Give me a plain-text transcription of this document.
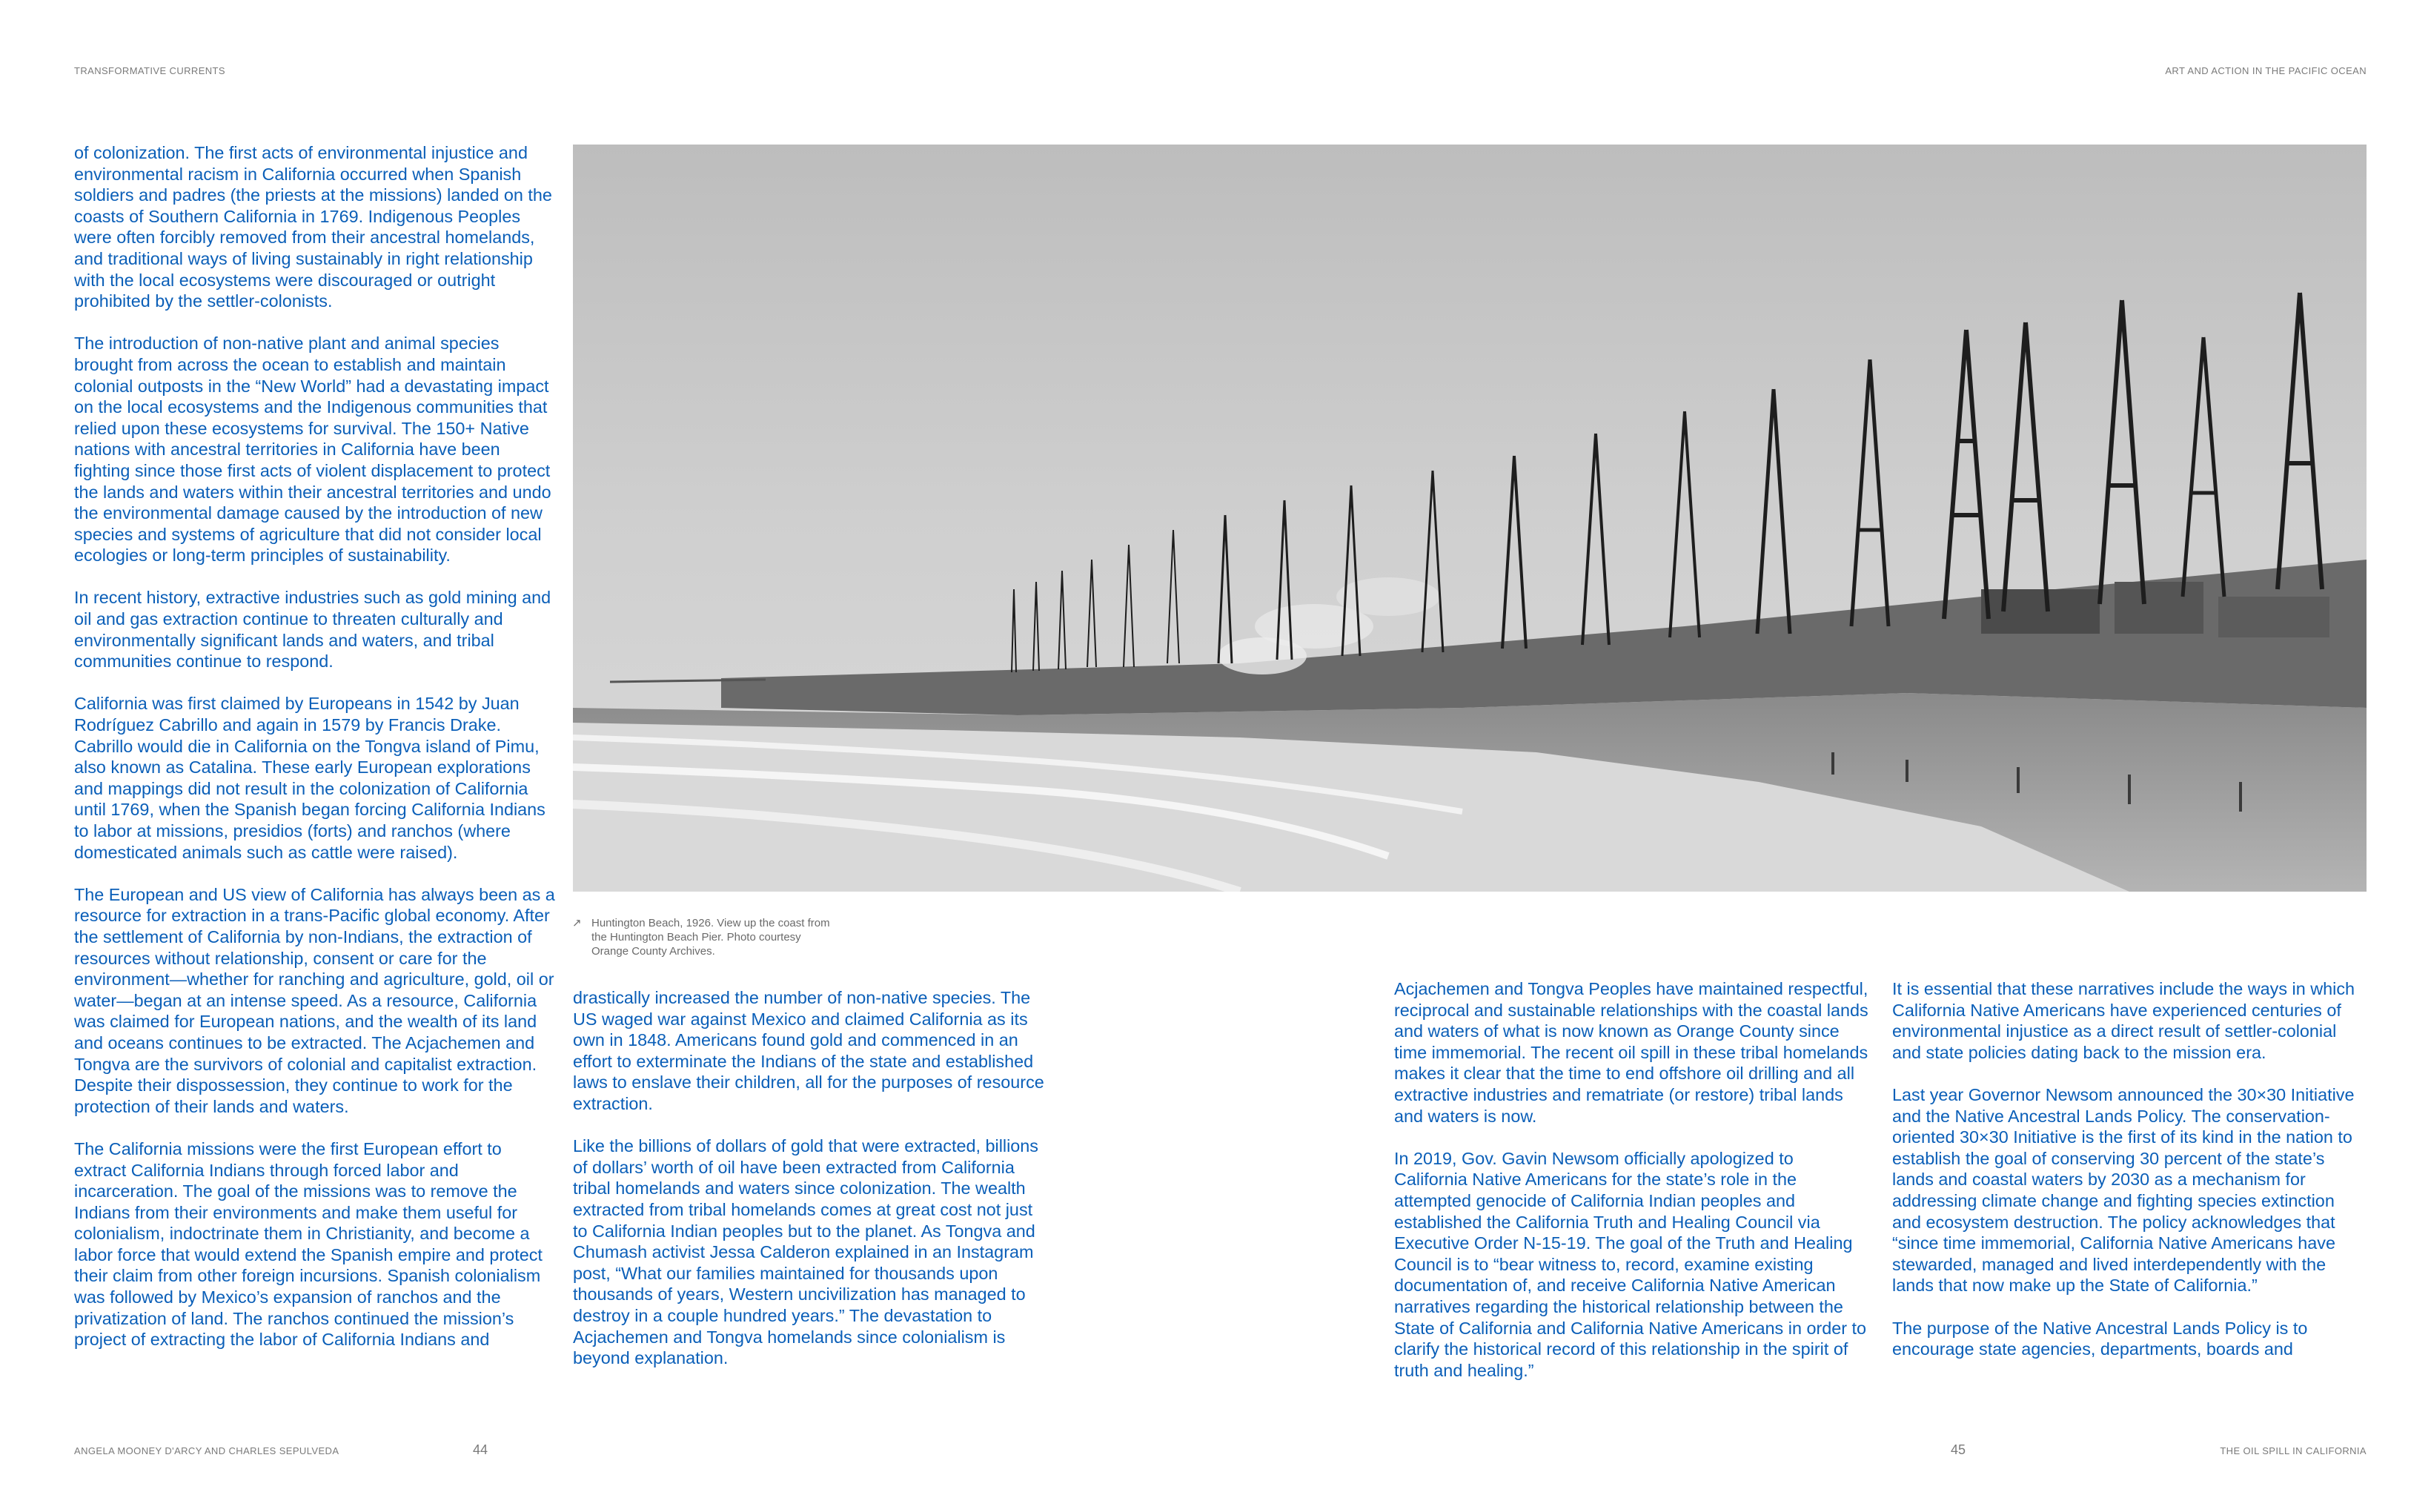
TRANSFORMATIVE CURRENTS	ART AND ACTION IN THE PACIFIC OCEAN

of colonization. The first acts of environmental injustice and environmental racism in California occurred when Spanish soldiers and padres (the priests at the missions) landed on the coasts of Southern California in 1769. Indigenous Peoples were often forcibly removed from their ancestral homelands, and traditional ways of living sustainably in right relationship with the local ecosystems were discouraged or outright prohibited by the settler-colonists.

The introduction of non-native plant and animal species brought from across the ocean to establish and maintain colonial outposts in the “New World” had a devastating impact on the local ecosystems and the Indigenous communities that relied upon these ecosystems for survival. The 150+ Native nations with ancestral territories in California have been fighting since those first acts of violent displacement to protect the lands and waters within their ancestral territories and undo the environmental damage caused by the introduction of new species and systems of agriculture that did not consider local ecologies or long-term principles of sustainability.

In recent history, extractive industries such as gold mining and oil and gas extraction continue to threaten culturally and environmentally significant lands and waters, and tribal communities continue to respond.

California was first claimed by Europeans in 1542 by Juan Rodríguez Cabrillo and again in 1579 by Francis Drake. Cabrillo would die in California on the Tongva island of Pimu, also known as Catalina. These early European explorations and mappings did not result in the colonization of California until 1769, when the Spanish began forcing California Indians to labor at missions, presidios (forts) and ranchos (where domesticated animals such as cattle were raised).

The European and US view of California has always been as a resource for extraction in a trans-Pacific global economy. After the settlement of California by non-Indians, the extraction of resources without relationship, consent or care for the environment—whether for ranching and agriculture, gold, oil or water—began at an intense speed. As a resource, California was claimed for European nations, and the wealth of its land and oceans continues to be extracted. The Acjachemen and Tongva are the survivors of colonial and capitalist extraction. Despite their dispossession, they continue to work for the protection of their lands and waters.

The California missions were the first European effort to extract California Indians through forced labor and incarceration. The goal of the missions was to remove the Indians from their environments and make them useful for colonialism, indoctrinate them in Christianity, and become a labor force that would extend the Spanish empire and protect their claim from other foreign incursions. Spanish colonialism was followed by Mexico’s expansion of ranchos and the privatization of land. The ranchos continued the mission’s project of extracting the labor of California Indians and

↗ Huntington Beach, 1926. View up the coast from the Huntington Beach Pier. Photo courtesy Orange County Archives.

drastically increased the number of non-native species. The US waged war against Mexico and claimed California as its own in 1848. Americans found gold and commenced in an effort to exterminate the Indians of the state and established laws to enslave their children, all for the purposes of resource extraction.

Like the billions of dollars of gold that were extracted, billions of dollars’ worth of oil have been extracted from California tribal homelands and waters since colonization. The wealth extracted from tribal homelands comes at great cost not just to California Indian peoples but to the planet. As Tongva and Chumash activist Jessa Calderon explained in an Instagram post, “What our families maintained for thousands upon thousands of years, Western uncivilization has managed to destroy in a couple hundred years.” The devastation to Acjachemen and Tongva homelands since colonialism is beyond explanation.

Acjachemen and Tongva Peoples have maintained respectful, reciprocal and sustainable relationships with the coastal lands and waters of what is now known as Orange County since time immemorial. The recent oil spill in these tribal homelands makes it clear that the time to end offshore oil drilling and all extractive industries and rematriate (or restore) tribal lands and waters is now.

In 2019, Gov. Gavin Newsom officially apologized to California Native Americans for the state’s role in the attempted genocide of California Indian peoples and established the California Truth and Healing Council via Executive Order N-15-19. The goal of the Truth and Healing Council is to “bear witness to, record, examine existing documentation of, and receive California Native American narratives regarding the historical relationship between the State of California and California Native Americans in order to clarify the historical record of this relationship in the spirit of truth and healing.”

It is essential that these narratives include the ways in which California Native Americans have experienced centuries of environmental injustice as a direct result of settler-colonial and state policies dating back to the mission era.

Last year Governor Newsom announced the 30×30 Initiative and the Native Ancestral Lands Policy. The conservation-oriented 30×30 Initiative is the first of its kind in the nation to establish the goal of conserving 30 percent of the state’s lands and coastal waters by 2030 as a mechanism for addressing climate change and fighting species extinction and ecosystem destruction. The policy acknowledges that “since time immemorial, California Native Americans have stewarded, managed and lived interdependently with the lands that now make up the State of California.”

The purpose of the Native Ancestral Lands Policy is to encourage state agencies, departments, boards and

ANGELA MOONEY D'ARCY AND CHARLES SEPULVEDA	44	45	THE OIL SPILL IN CALIFORNIA
